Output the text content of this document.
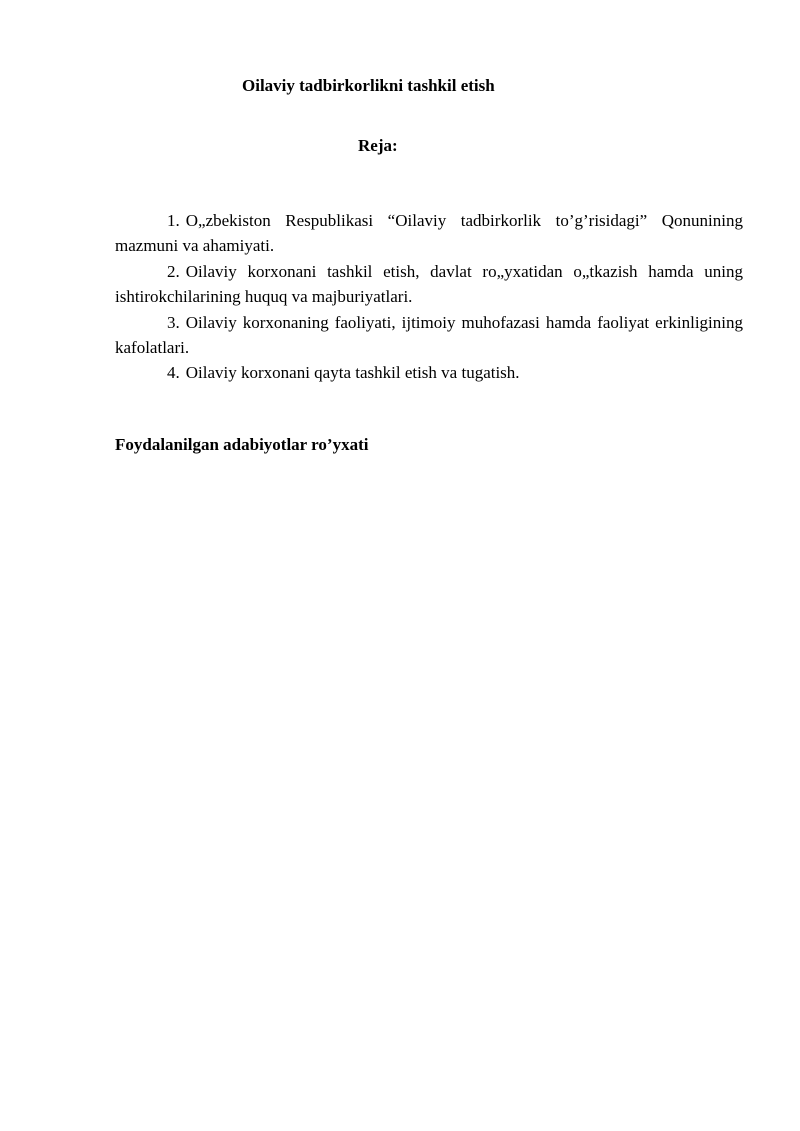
Oilaviy tadbirkorlikni tashkil etish
Reja:

1. O„zbekiston Respublikasi “Oilaviy tadbirkorlik to’g’risidagi” Qonunining mazmuni va ahamiyati.

2. Oilaviy korxonani tashkil etish, davlat ro„yxatidan o„tkazish hamda uning ishtirokchilarining huquq va majburiyatlari.

3. Oilaviy korxonaning faoliyati, ijtimoiy muhofazasi hamda faoliyat erkinligining kafolatlari.

4. Oilaviy korxonani qayta tashkil etish va tugatish.

Foydalanilgan adabiyotlar ro’yxati
